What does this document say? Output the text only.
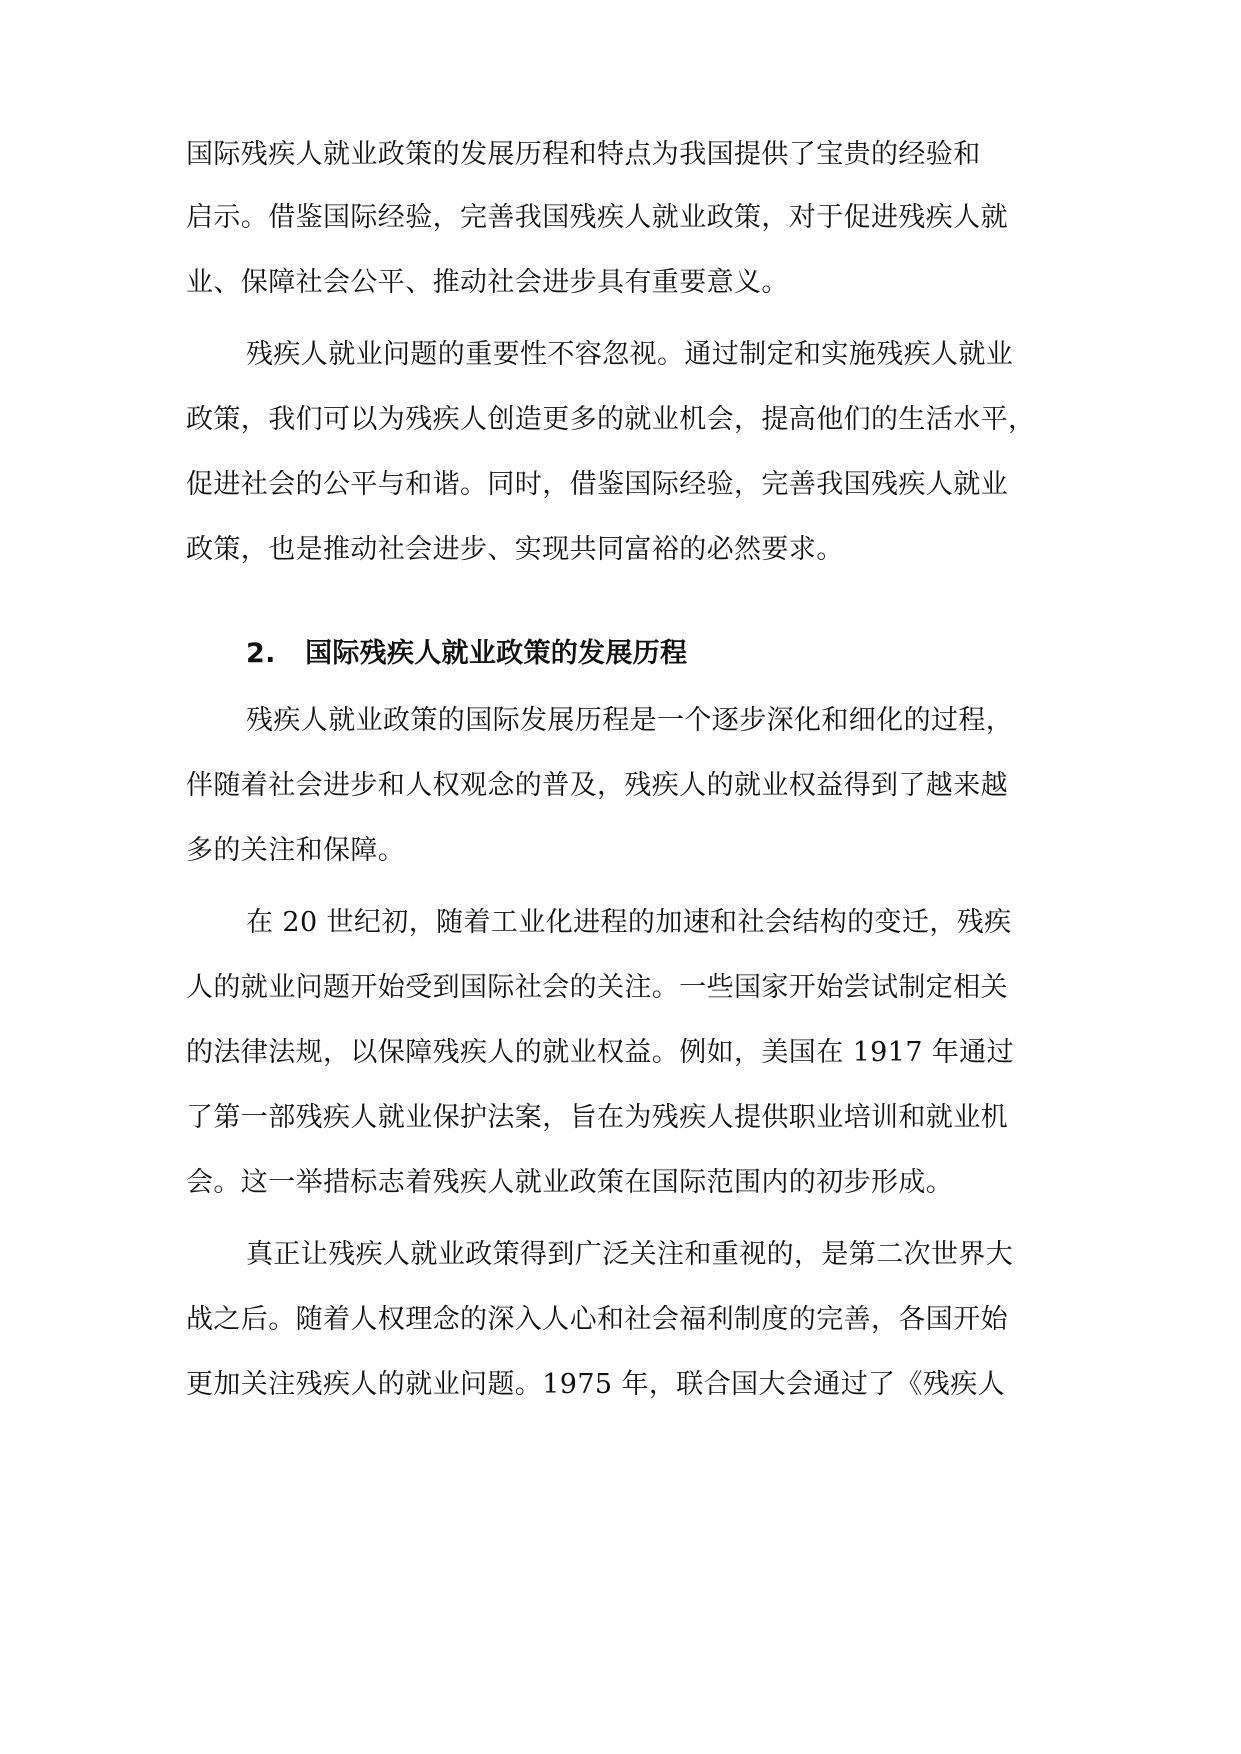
国际残疾人就业政策的发展历程和特点为我国提供了宝贵的经验和
启示。借鉴国际经验，完善我国残疾人就业政策，对于促进残疾人就
业、保障社会公平、推动社会进步具有重要意义。
残疾人就业问题的重要性不容忽视。通过制定和实施残疾人就业
政策，我们可以为残疾人创造更多的就业机会，提高他们的生活水平，
促进社会的公平与和谐。同时，借鉴国际经验，完善我国残疾人就业
政策，也是推动社会进步、实现共同富裕的必然要求。
2. 国际残疾人就业政策的发展历程
残疾人就业政策的国际发展历程是一个逐步深化和细化的过程，
伴随着社会进步和人权观念的普及，残疾人的就业权益得到了越来越
多的关注和保障。
在 20 世纪初，随着工业化进程的加速和社会结构的变迁，残疾
人的就业问题开始受到国际社会的关注。一些国家开始尝试制定相关
的法律法规，以保障残疾人的就业权益。例如，美国在 1917 年通过
了第一部残疾人就业保护法案，旨在为残疾人提供职业培训和就业机
会。这一举措标志着残疾人就业政策在国际范围内的初步形成。
真正让残疾人就业政策得到广泛关注和重视的，是第二次世界大
战之后。随着人权理念的深入人心和社会福利制度的完善，各国开始
更加关注残疾人的就业问题。1975 年，联合国大会通过了《残疾人
